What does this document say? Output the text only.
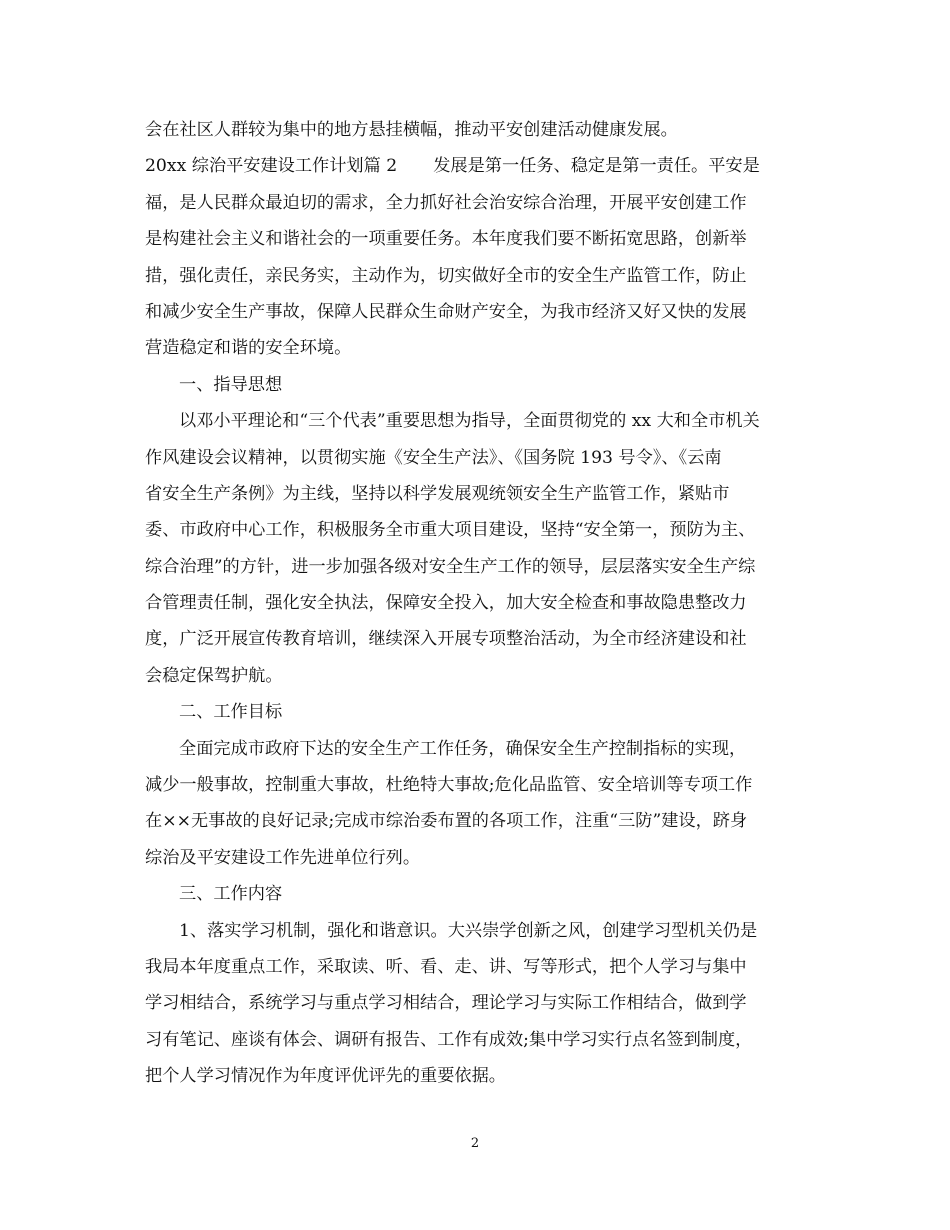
会在社区人群较为集中的地方悬挂横幅，推动平安创建活动健康发展。
20xx 综治平安建设工作计划篇 2 发展是第一任务、稳定是第一责任。平安是
福，是人民群众最迫切的需求，全力抓好社会治安综合治理，开展平安创建工作
是构建社会主义和谐社会的一项重要任务。本年度我们要不断拓宽思路，创新举
措，强化责任，亲民务实，主动作为，切实做好全市的安全生产监管工作，防止
和减少安全生产事故，保障人民群众生命财产安全，为我市经济又好又快的发展
营造稳定和谐的安全环境。
一、指导思想
以邓小平理论和“三个代表”重要思想为指导，全面贯彻党的 xx 大和全市机关
作风建设会议精神，以贯彻实施《安全生产法》、《国务院 193 号令》、《云南
省安全生产条例》为主线，坚持以科学发展观统领安全生产监管工作，紧贴市
委、市政府中心工作，积极服务全市重大项目建设，坚持“安全第一，预防为主、
综合治理”的方针，进一步加强各级对安全生产工作的领导，层层落实安全生产综
合管理责任制，强化安全执法，保障安全投入，加大安全检查和事故隐患整改力
度，广泛开展宣传教育培训，继续深入开展专项整治活动，为全市经济建设和社
会稳定保驾护航。
二、工作目标
全面完成市政府下达的安全生产工作任务，确保安全生产控制指标的实现，
减少一般事故，控制重大事故，杜绝特大事故;危化品监管、安全培训等专项工作
在××无事故的良好记录;完成市综治委布置的各项工作，注重“三防”建设，跻身
综治及平安建设工作先进单位行列。
三、工作内容
1、落实学习机制，强化和谐意识。大兴崇学创新之风，创建学习型机关仍是
我局本年度重点工作，采取读、听、看、走、讲、写等形式，把个人学习与集中
学习相结合，系统学习与重点学习相结合，理论学习与实际工作相结合，做到学
习有笔记、座谈有体会、调研有报告、工作有成效;集中学习实行点名签到制度，
把个人学习情况作为年度评优评先的重要依据。
2
